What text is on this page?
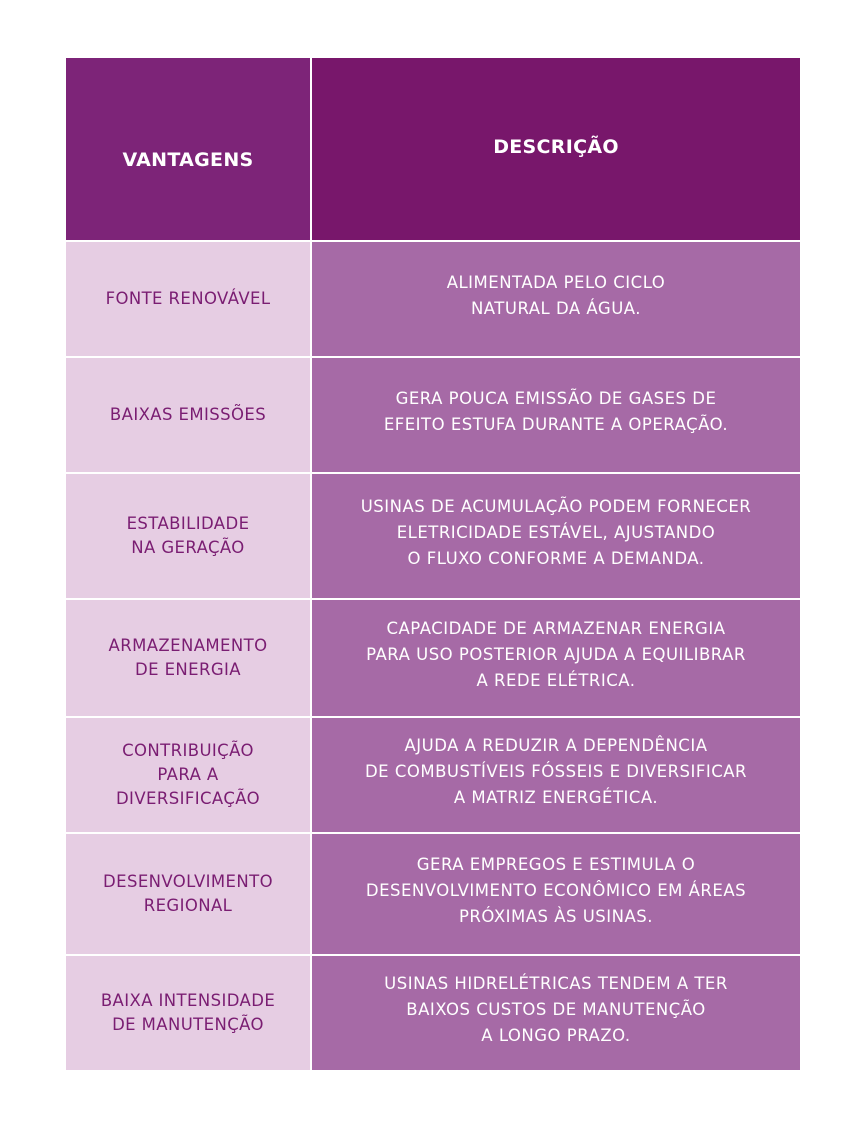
VANTAGENS
DESCRIÇÃO
FONTE RENOVÁVEL
ALIMENTADA PELO CICLO
NATURAL DA ÁGUA.
BAIXAS EMISSÕES
GERA POUCA EMISSÃO DE GASES DE
EFEITO ESTUFA DURANTE A OPERAÇÃO.
ESTABILIDADE
NA GERAÇÃO
USINAS DE ACUMULAÇÃO PODEM FORNECER
ELETRICIDADE ESTÁVEL, AJUSTANDO
O FLUXO CONFORME A DEMANDA.
ARMAZENAMENTO
DE ENERGIA
CAPACIDADE DE ARMAZENAR ENERGIA
PARA USO POSTERIOR AJUDA A EQUILIBRAR
A REDE ELÉTRICA.
CONTRIBUIÇÃO
PARA A
DIVERSIFICAÇÃO
AJUDA A REDUZIR A DEPENDÊNCIA
DE COMBUSTÍVEIS FÓSSEIS E DIVERSIFICAR
A MATRIZ ENERGÉTICA.
DESENVOLVIMENTO
REGIONAL
GERA EMPREGOS E ESTIMULA O
DESENVOLVIMENTO ECONÔMICO EM ÁREAS
PRÓXIMAS ÀS USINAS.
BAIXA INTENSIDADE
DE MANUTENÇÃO
USINAS HIDRELÉTRICAS TENDEM A TER
BAIXOS CUSTOS DE MANUTENÇÃO
A LONGO PRAZO.
